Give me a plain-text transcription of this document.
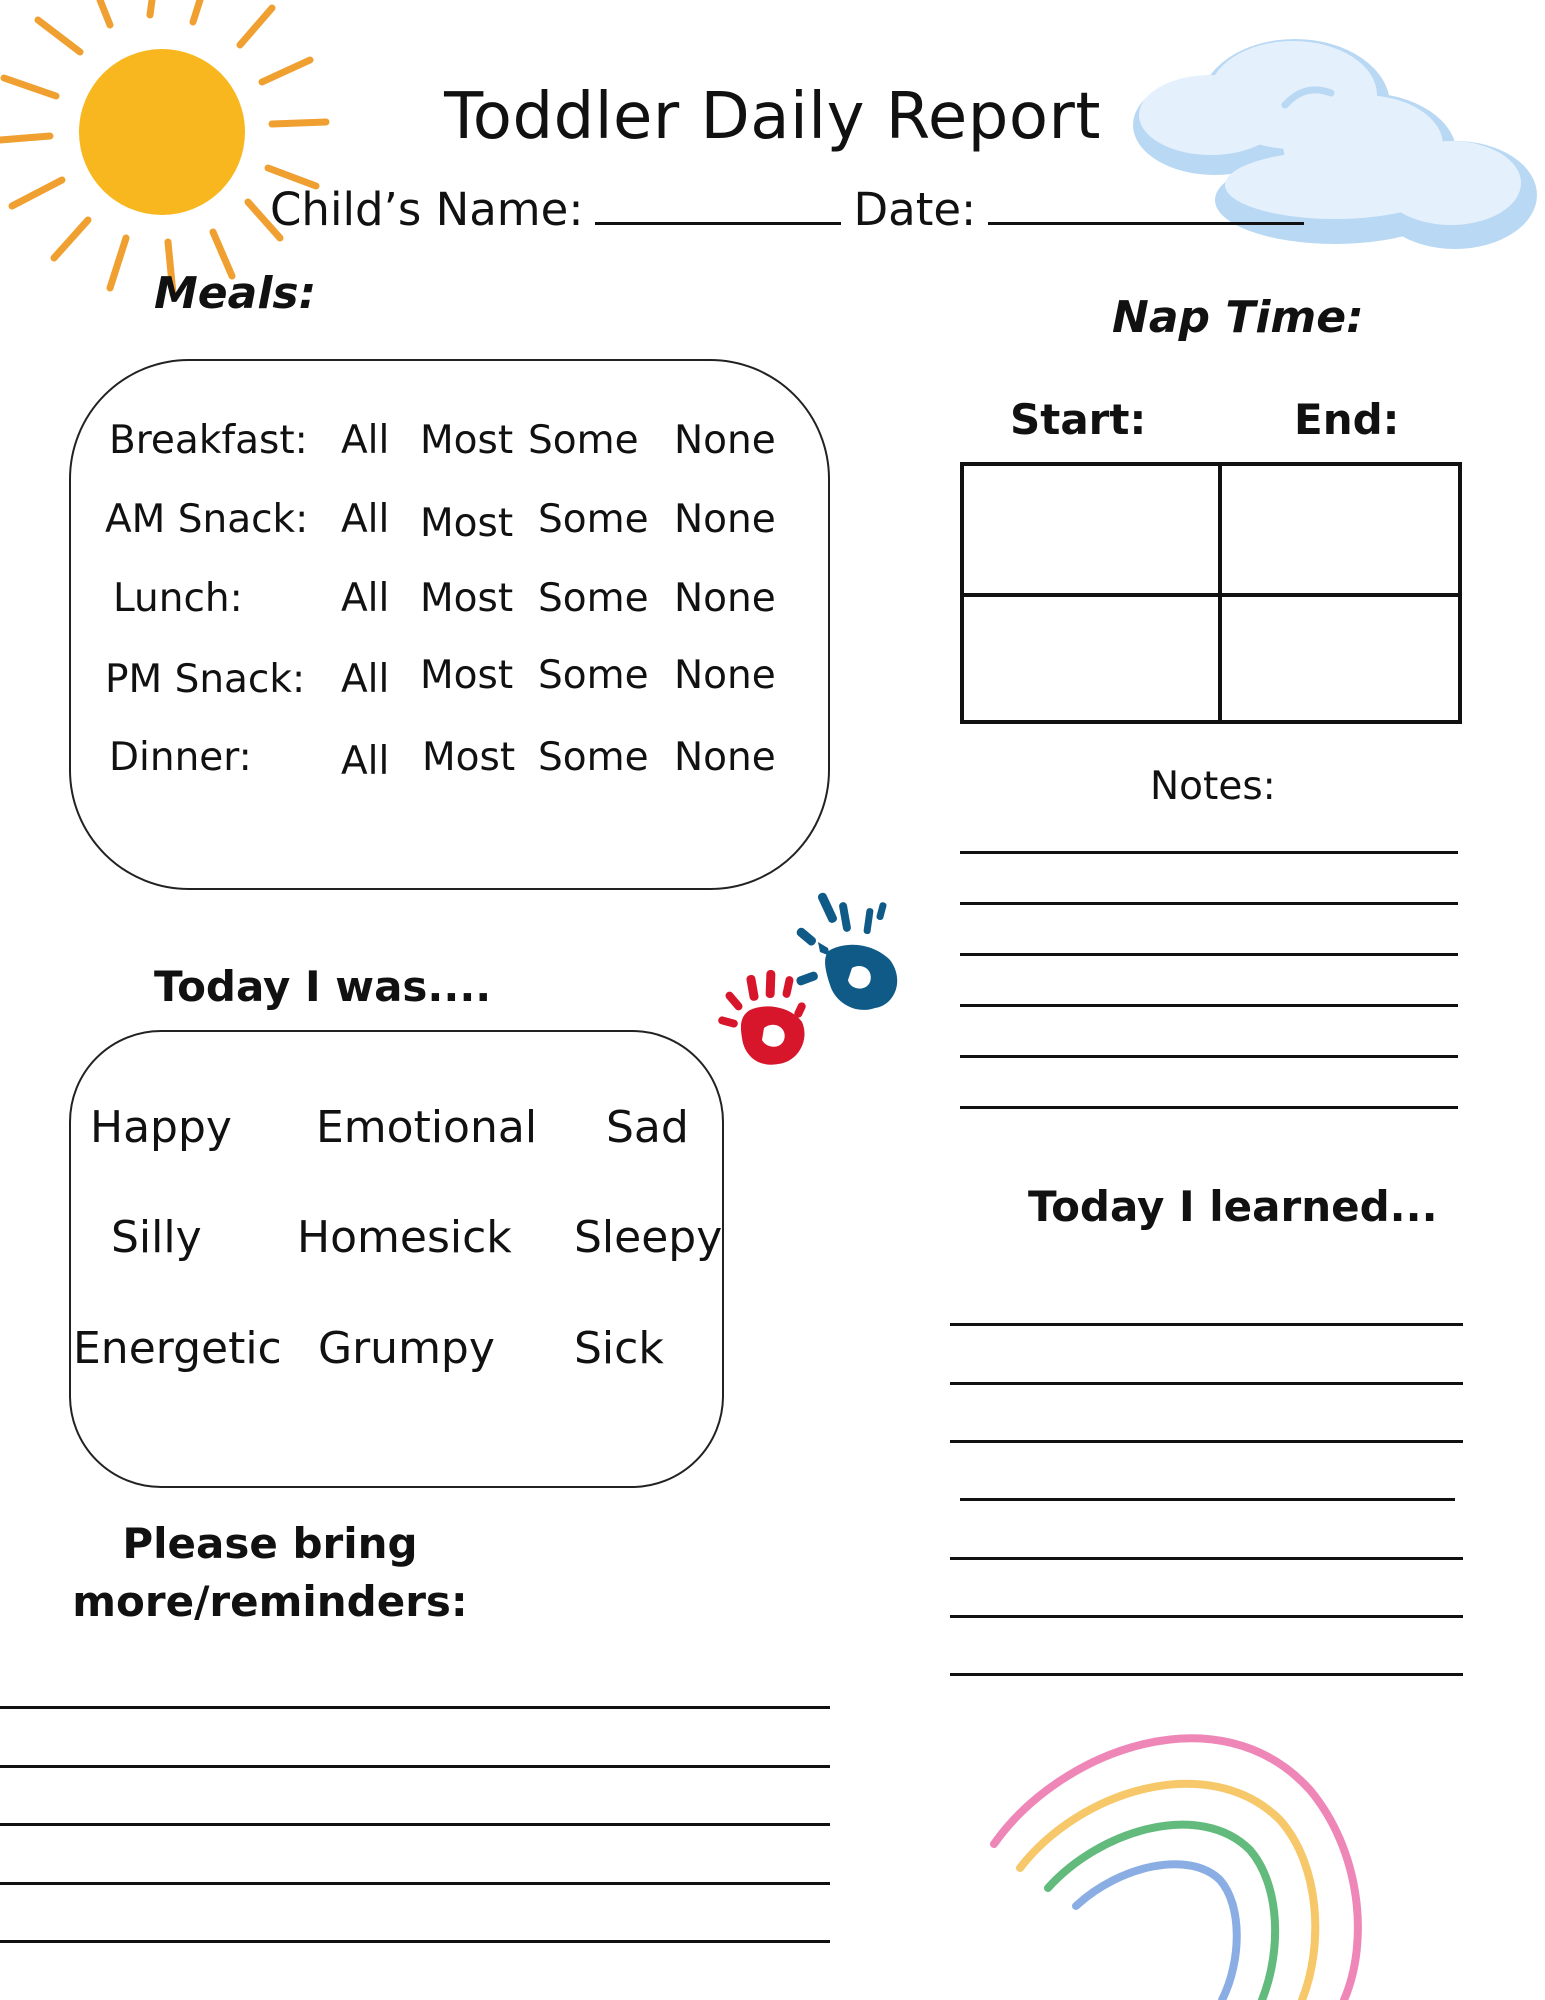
Toddler Daily Report
Child’s Name:	Date:
Meals:
Breakfast: All Most Some None
AM Snack: All Most Some None
Lunch:	All Most Some None
PM Snack: All Most Some None
Dinner: All Most Some None
Nap Time:
Start:	End:
Notes:
Today I was....
Happy Emotional Sad
Silly Homesick Sleepy
Energetic Grumpy Sick
Today I learned...
Please bring
more/reminders:
